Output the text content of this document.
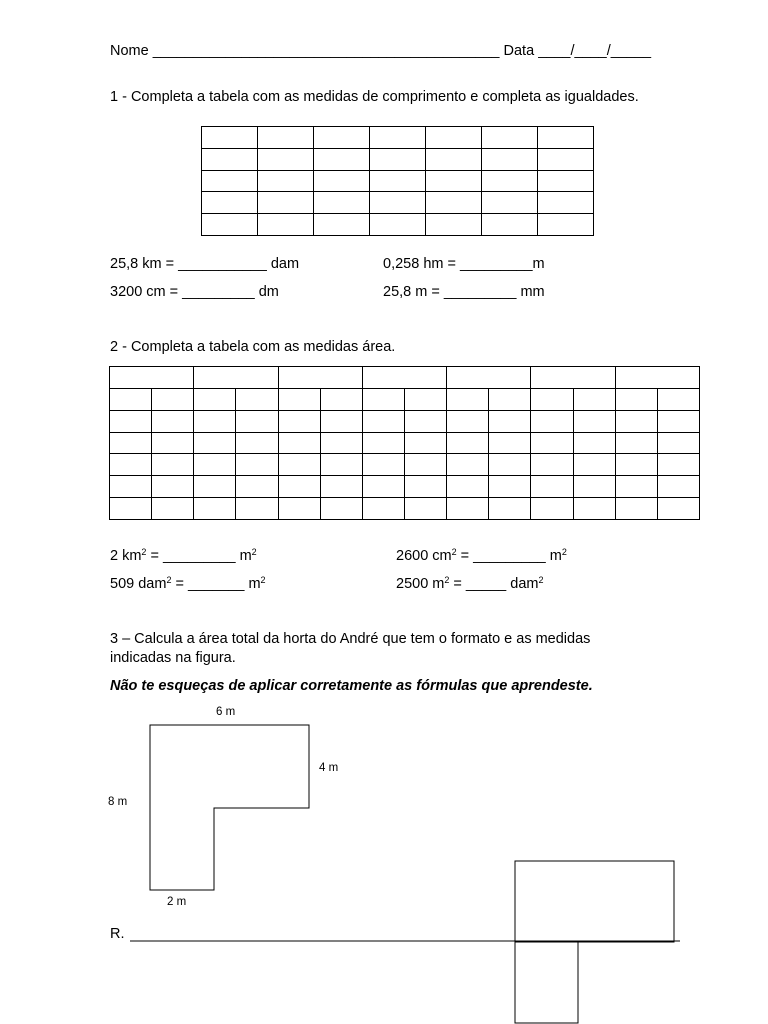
Nome ___________________________________________ Data ____/____/_____
1 - Completa a tabela com as medidas de comprimento e completa as igualdades.

25,8 km = ___________ dam	0,258 hm = _________m
3200 cm = _________ dm	25,8 m = _________ mm
2 - Completa a tabela com as medidas área.

2 $km^2$ = _________ $m^2$	2600 $cm^2$ = _________ $m^2$
509 dam$^2$ = _______ $m^2$	2500 $m^2$ = _____ dam$^2$
3 – Calcula a área total da horta do André que tem o formato e as medidas
indicadas na figura.
Não te esqueças de aplicar corretamente as fórmulas que aprendeste.
6 m
4 m
8 m
2 m
R.
